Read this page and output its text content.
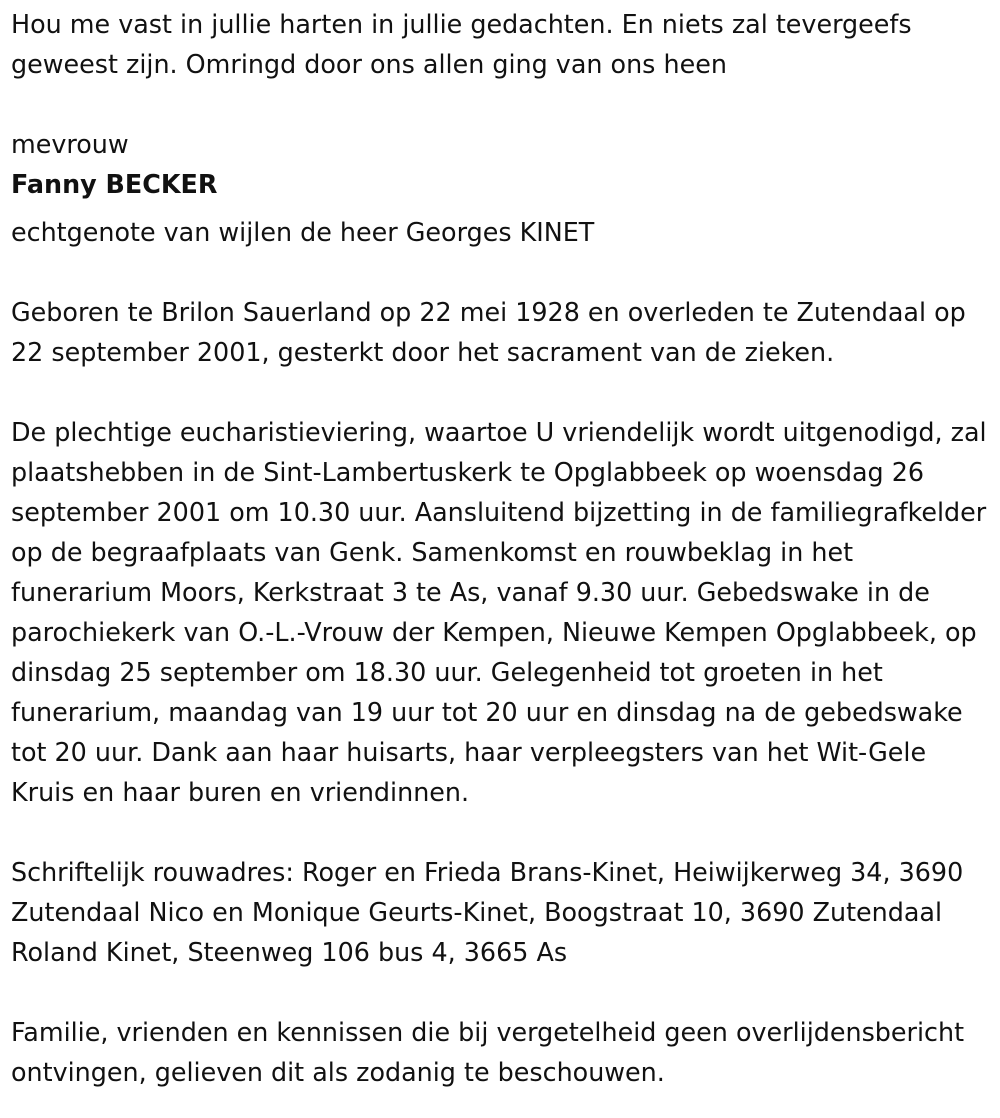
Hou me vast in jullie harten in jullie gedachten. En niets zal tevergeefs geweest zijn. Omringd door ons allen ging van ons heen

mevrouw

Fanny BECKER

echtgenote van wijlen de heer Georges KINET

Geboren te Brilon Sauerland op 22 mei 1928 en overleden te Zutendaal op 22 september 2001, gesterkt door het sacrament van de zieken.

De plechtige eucharistieviering, waartoe U vriendelijk wordt uitgenodigd, zal plaatshebben in de Sint-Lambertuskerk te Opglabbeek op woensdag 26 september 2001 om 10.30 uur. Aansluitend bijzetting in de familiegrafkelder op de begraafplaats van Genk. Samenkomst en rouwbeklag in het funerarium Moors, Kerkstraat 3 te As, vanaf 9.30 uur. Gebedswake in de parochiekerk van O.-L.-Vrouw der Kempen, Nieuwe Kempen Opglabbeek, op dinsdag 25 september om 18.30 uur. Gelegenheid tot groeten in het funerarium, maandag van 19 uur tot 20 uur en dinsdag na de gebedswake tot 20 uur. Dank aan haar huisarts, haar verpleegsters van het Wit-Gele Kruis en haar buren en vriendinnen.

Schriftelijk rouwadres: Roger en Frieda Brans-Kinet, Heiwijkerweg 34, 3690 Zutendaal Nico en Monique Geurts-Kinet, Boogstraat 10, 3690 Zutendaal Roland Kinet, Steenweg 106 bus 4, 3665 As

Familie, vrienden en kennissen die bij vergetelheid geen overlijdensbericht ontvingen, gelieven dit als zodanig te beschouwen.
